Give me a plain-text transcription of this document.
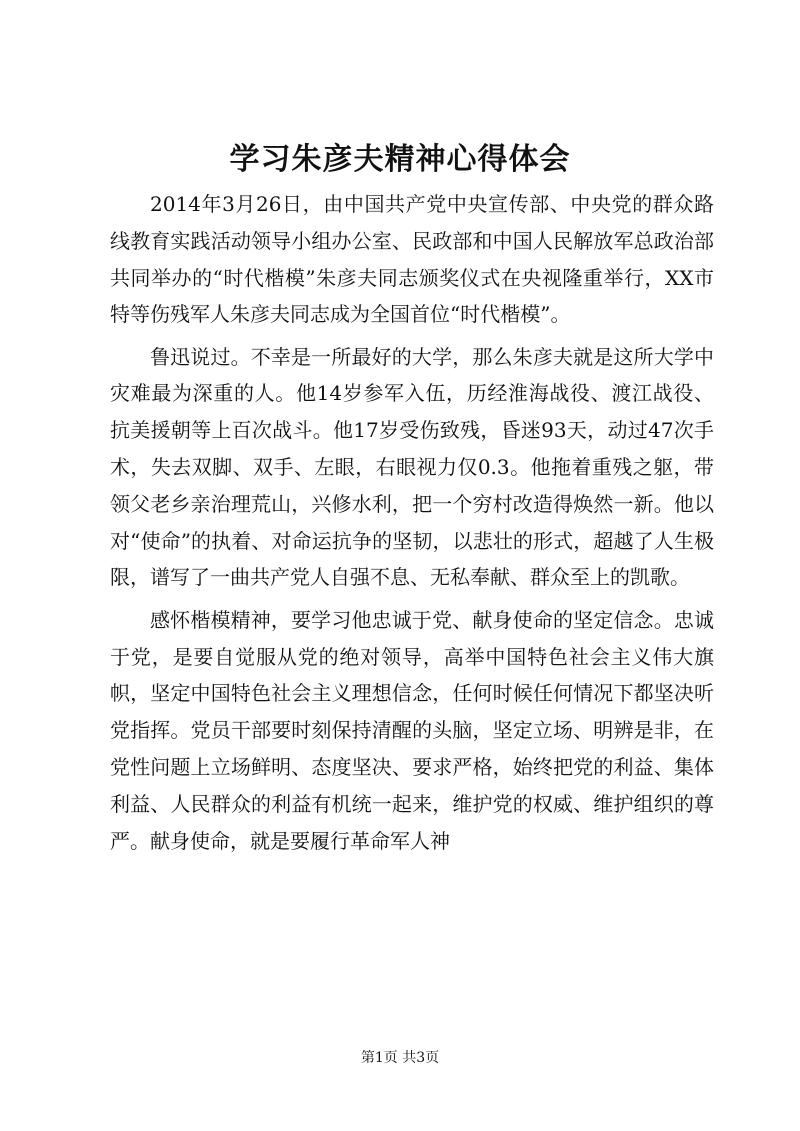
学习朱彦夫精神心得体会

2014年3月26日，由中国共产党中央宣传部、中央党的群众路线教育实践活动领导小组办公室、民政部和中国人民解放军总政治部共同举办的“时代楷模”朱彦夫同志颁奖仪式在央视隆重举行，XX市特等伤残军人朱彦夫同志成为全国首位“时代楷模”。

鲁迅说过。不幸是一所最好的大学，那么朱彦夫就是这所大学中灾难最为深重的人。他14岁参军入伍，历经淮海战役、渡江战役、抗美援朝等上百次战斗。他17岁受伤致残，昏迷93天，动过47次手术，失去双脚、双手、左眼，右眼视力仅0.3。他拖着重残之躯，带领父老乡亲治理荒山，兴修水利，把一个穷村改造得焕然一新。他以对“使命”的执着、对命运抗争的坚韧，以悲壮的形式，超越了人生极限，谱写了一曲共产党人自强不息、无私奉献、群众至上的凯歌。

感怀楷模精神，要学习他忠诚于党、献身使命的坚定信念。忠诚于党，是要自觉服从党的绝对领导，高举中国特色社会主义伟大旗帜，坚定中国特色社会主义理想信念，任何时候任何情况下都坚决听党指挥。党员干部要时刻保持清醒的头脑，坚定立场、明辨是非，在党性问题上立场鲜明、态度坚决、要求严格，始终把党的利益、集体利益、人民群众的利益有机统一起来，维护党的权威、维护组织的尊严。献身使命，就是要履行革命军人神

第1页 共3页
